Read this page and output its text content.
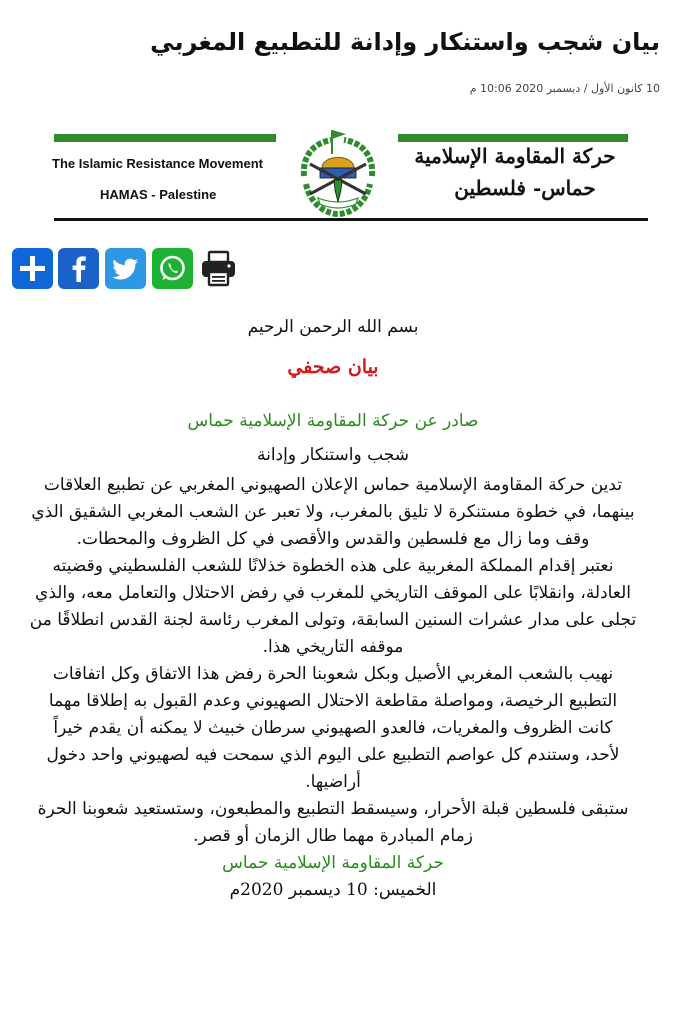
بيان شجب واستنكار وإدانة للتطبيع المغربي
10 كانون الأول / ديسمبر 2020 10:06 م
The Islamic Resistance Movement
HAMAS - Palestine
حركة المقاومة الإسلامية
حماس- فلسطين
بسم الله الرحمن الرحيم
بيان صحفي
صادر عن حركة المقاومة الإسلامية حماس
شجب واستنكار وإدانة
تدين حركة المقاومة الإسلامية حماس الإعلان الصهيوني المغربي عن تطبيع العلاقات
بينهما، في خطوة مستنكرة لا تليق بالمغرب، ولا تعبر عن الشعب المغربي الشقيق الذي
وقف وما زال مع فلسطين والقدس والأقصى في كل الظروف والمحطات.
نعتبر إقدام المملكة المغربية على هذه الخطوة خذلانًا للشعب الفلسطيني وقضيته
العادلة، وانقلابًا على الموقف التاريخي للمغرب في رفض الاحتلال والتعامل معه، والذي
تجلى على مدار عشرات السنين السابقة، وتولى المغرب رئاسة لجنة القدس انطلاقًا من
موقفه التاريخي هذا.
نهيب بالشعب المغربي الأصيل وبكل شعوبنا الحرة رفض هذا الاتفاق وكل اتفاقات
التطبيع الرخيصة، ومواصلة مقاطعة الاحتلال الصهيوني وعدم القبول به إطلاقا مهما
كانت الظروف والمغريات، فالعدو الصهيوني سرطان خبيث لا يمكنه أن يقدم خيراً
لأحد، وستندم كل عواصم التطبيع على اليوم الذي سمحت فيه لصهيوني واحد دخول
أراضيها.
ستبقى فلسطين قبلة الأحرار، وسيسقط التطبيع والمطبعون، وستستعيد شعوبنا الحرة
زمام المبادرة مهما طال الزمان أو قصر.
حركة المقاومة الإسلامية حماس
الخميس: 10 ديسمبر 2020م
